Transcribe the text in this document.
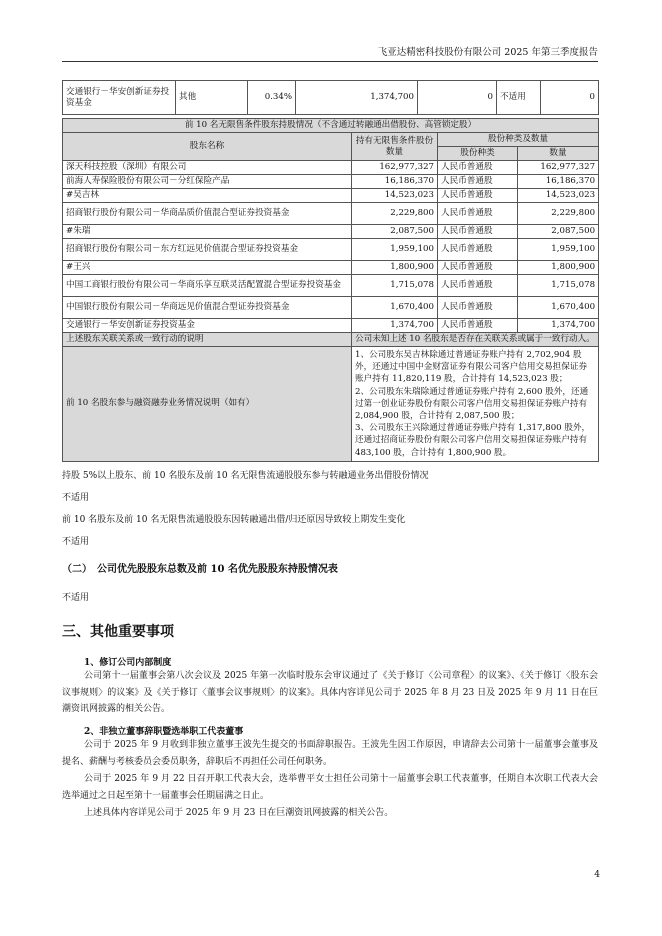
飞亚达精密科技股份有限公司 2025 年第三季度报告
交通银行－华安创新证券投资基金	其他	0.34%	1,374,700	0	不适用	0
前 10 名无限售条件股东持股情况（不含通过转融通出借股份、高管锁定股）			
股东名称	持有无限售条件股份数量	股份种类及数量	
		股份种类	数量
深天科技控股（深圳）有限公司	162,977,327	人民币普通股	162,977,327
前海人寿保险股份有限公司－分红保险产品	16,186,370	人民币普通股	16,186,370
#吴吉林	14,523,023	人民币普通股	14,523,023
招商银行股份有限公司－华商品质价值混合型证券投资基金	2,229,800	人民币普通股	2,229,800
#朱瑞	2,087,500	人民币普通股	2,087,500
招商银行股份有限公司－东方红远见价值混合型证券投资基金	1,959,100	人民币普通股	1,959,100
#王兴	1,800,900	人民币普通股	1,800,900
中国工商银行股份有限公司－华商乐享互联灵活配置混合型证券投资基金	1,715,078	人民币普通股	1,715,078
中国银行股份有限公司－华商远见价值混合型证券投资基金	1,670,400	人民币普通股	1,670,400
交通银行－华安创新证券投资基金	1,374,700	人民币普通股	1,374,700
上述股东关联关系或一致行动的说明	公司未知上述 10 名股东是否存在关联关系或属于一致行动人。		
前 10 名股东参与融资融券业务情况说明（如有）	1、公司股东吴吉林除通过普通证券账户持有 2,702,904 股外，还通过中国中金财富证券有限公司客户信用交易担保证券账户持有 11,820,119 股，合计持有 14,523,023 股；
2、公司股东朱瑞除通过普通证券账户持有 2,600 股外，还通过第一创业证券股份有限公司客户信用交易担保证券账户持有 2,084,900 股，合计持有 2,087,500 股；
3、公司股东王兴除通过普通证券账户持有 1,317,800 股外，还通过招商证券股份有限公司客户信用交易担保证券账户持有 483,100 股，合计持有 1,800,900 股。		
持股 5%以上股东、前 10 名股东及前 10 名无限售流通股股东参与转融通业务出借股份情况
不适用
前 10 名股东及前 10 名无限售流通股股东因转融通出借/归还原因导致较上期发生变化
不适用
（二）　公司优先股股东总数及前 10 名优先股股东持股情况表
不适用
三、其他重要事项
1、修订公司内部制度
公司第十一届董事会第八次会议及 2025 年第一次临时股东会审议通过了《关于修订〈公司章程〉的议案》、《关于修订〈股东会议事规则〉的议案》及《关于修订〈董事会议事规则〉的议案》。具体内容详见公司于 2025 年 8 月 23 日及 2025 年 9 月 11 日在巨潮资讯网披露的相关公告。
2、非独立董事辞职暨选举职工代表董事
公司于 2025 年 9 月收到非独立董事王波先生提交的书面辞职报告。王波先生因工作原因，申请辞去公司第十一届董事会董事及提名、薪酬与考核委员会委员职务，辞职后不再担任公司任何职务。
公司于 2025 年 9 月 22 日召开职工代表大会，选举曹平女士担任公司第十一届董事会职工代表董事，任期自本次职工代表大会选举通过之日起至第十一届董事会任期届满之日止。
上述具体内容详见公司于 2025 年 9 月 23 日在巨潮资讯网披露的相关公告。
4
